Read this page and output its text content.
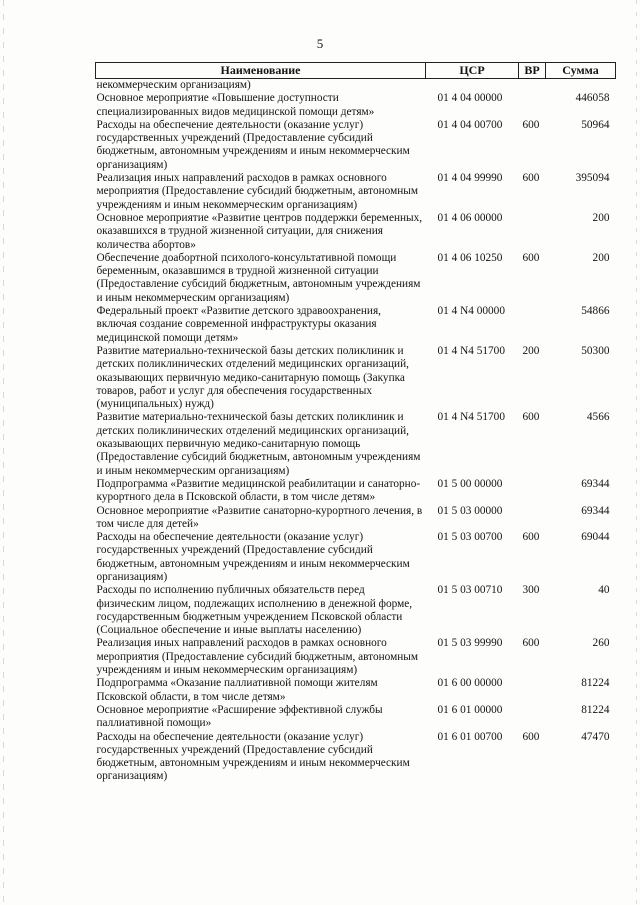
5
Наименование	ЦСР	ВР	Сумма
некоммерческим организациям)			
Основное мероприятие «Повышение доступности специализированных видов медицинской помощи детям»	01 4 04 00000		446058
Расходы на обеспечение деятельности (оказание услуг) государственных учреждений (Предоставление субсидий бюджетным, автономным учреждениям и иным некоммерческим организациям)	01 4 04 00700	600	50964
Реализация иных направлений расходов в рамках основного мероприятия (Предоставление субсидий бюджетным, автономным учреждениям и иным некоммерческим организациям)	01 4 04 99990	600	395094
Основное мероприятие «Развитие центров поддержки беременных, оказавшихся в трудной жизненной ситуации, для снижения количества абортов»	01 4 06 00000		200
Обеспечение доабортной психолого-консультативной помощи беременным, оказавшимся в трудной жизненной ситуации (Предоставление субсидий бюджетным, автономным учреждениям и иным некоммерческим организациям)	01 4 06 10250	600	200
Федеральный проект «Развитие детского здравоохранения, включая создание современной инфраструктуры оказания медицинской помощи детям»	01 4 N4 00000		54866
Развитие материально-технической базы детских поликлиник и детских поликлинических отделений медицинских организаций, оказывающих первичную медико-санитарную помощь (Закупка товаров, работ и услуг для обеспечения государственных (муниципальных) нужд)	01 4 N4 51700	200	50300
Развитие материально-технической базы детских поликлиник и детских поликлинических отделений медицинских организаций, оказывающих первичную медико-санитарную помощь (Предоставление субсидий бюджетным, автономным учреждениям и иным некоммерческим организациям)	01 4 N4 51700	600	4566
Подпрограмма «Развитие медицинской реабилитации и санаторно-курортного дела в Псковской области, в том числе детям»	01 5 00 00000		69344
Основное мероприятие «Развитие санаторно-курортного лечения, в том числе для детей»	01 5 03 00000		69344
Расходы на обеспечение деятельности (оказание услуг) государственных учреждений (Предоставление субсидий бюджетным, автономным учреждениям и иным некоммерческим организациям)	01 5 03 00700	600	69044
Расходы по исполнению публичных обязательств перед физическим лицом, подлежащих исполнению в денежной форме, государственным бюджетным учреждением Псковской области (Социальное обеспечение и иные выплаты населению)	01 5 03 00710	300	40
Реализация иных направлений расходов в рамках основного мероприятия (Предоставление субсидий бюджетным, автономным учреждениям и иным некоммерческим организациям)	01 5 03 99990	600	260
Подпрограмма «Оказание паллиативной помощи жителям Псковской области, в том числе детям»	01 6 00 00000		81224
Основное мероприятие «Расширение эффективной службы паллиативной помощи»	01 6 01 00000		81224
Расходы на обеспечение деятельности (оказание услуг) государственных учреждений (Предоставление субсидий бюджетным, автономным учреждениям и иным некоммерческим организациям)	01 6 01 00700	600	47470
